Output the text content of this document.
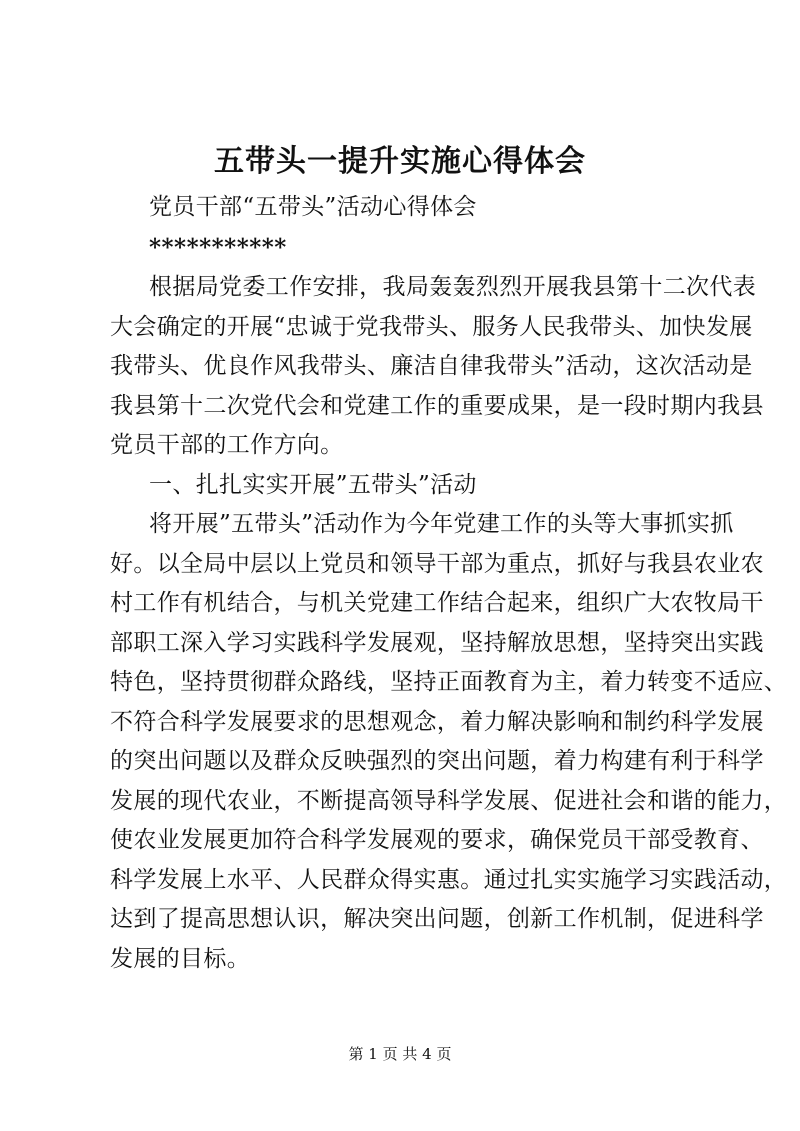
五带头一提升实施心得体会
党员干部“五带头”活动心得体会
***********
根据局党委工作安排，我局轰轰烈烈开展我县第十二次代表
大会确定的开展“忠诚于党我带头、服务人民我带头、加快发展
我带头、优良作风我带头、廉洁自律我带头”活动，这次活动是
我县第十二次党代会和党建工作的重要成果，是一段时期内我县
党员干部的工作方向。
一、扎扎实实开展”五带头”活动
将开展”五带头”活动作为今年党建工作的头等大事抓实抓
好。以全局中层以上党员和领导干部为重点，抓好与我县农业农
村工作有机结合，与机关党建工作结合起来，组织广大农牧局干
部职工深入学习实践科学发展观，坚持解放思想，坚持突出实践
特色，坚持贯彻群众路线，坚持正面教育为主，着力转变不适应、
不符合科学发展要求的思想观念，着力解决影响和制约科学发展
的突出问题以及群众反映强烈的突出问题，着力构建有利于科学
发展的现代农业，不断提高领导科学发展、促进社会和谐的能力，
使农业发展更加符合科学发展观的要求，确保党员干部受教育、
科学发展上水平、人民群众得实惠。通过扎实实施学习实践活动，
达到了提高思想认识，解决突出问题，创新工作机制，促进科学
发展的目标。
第 1 页 共 4 页
